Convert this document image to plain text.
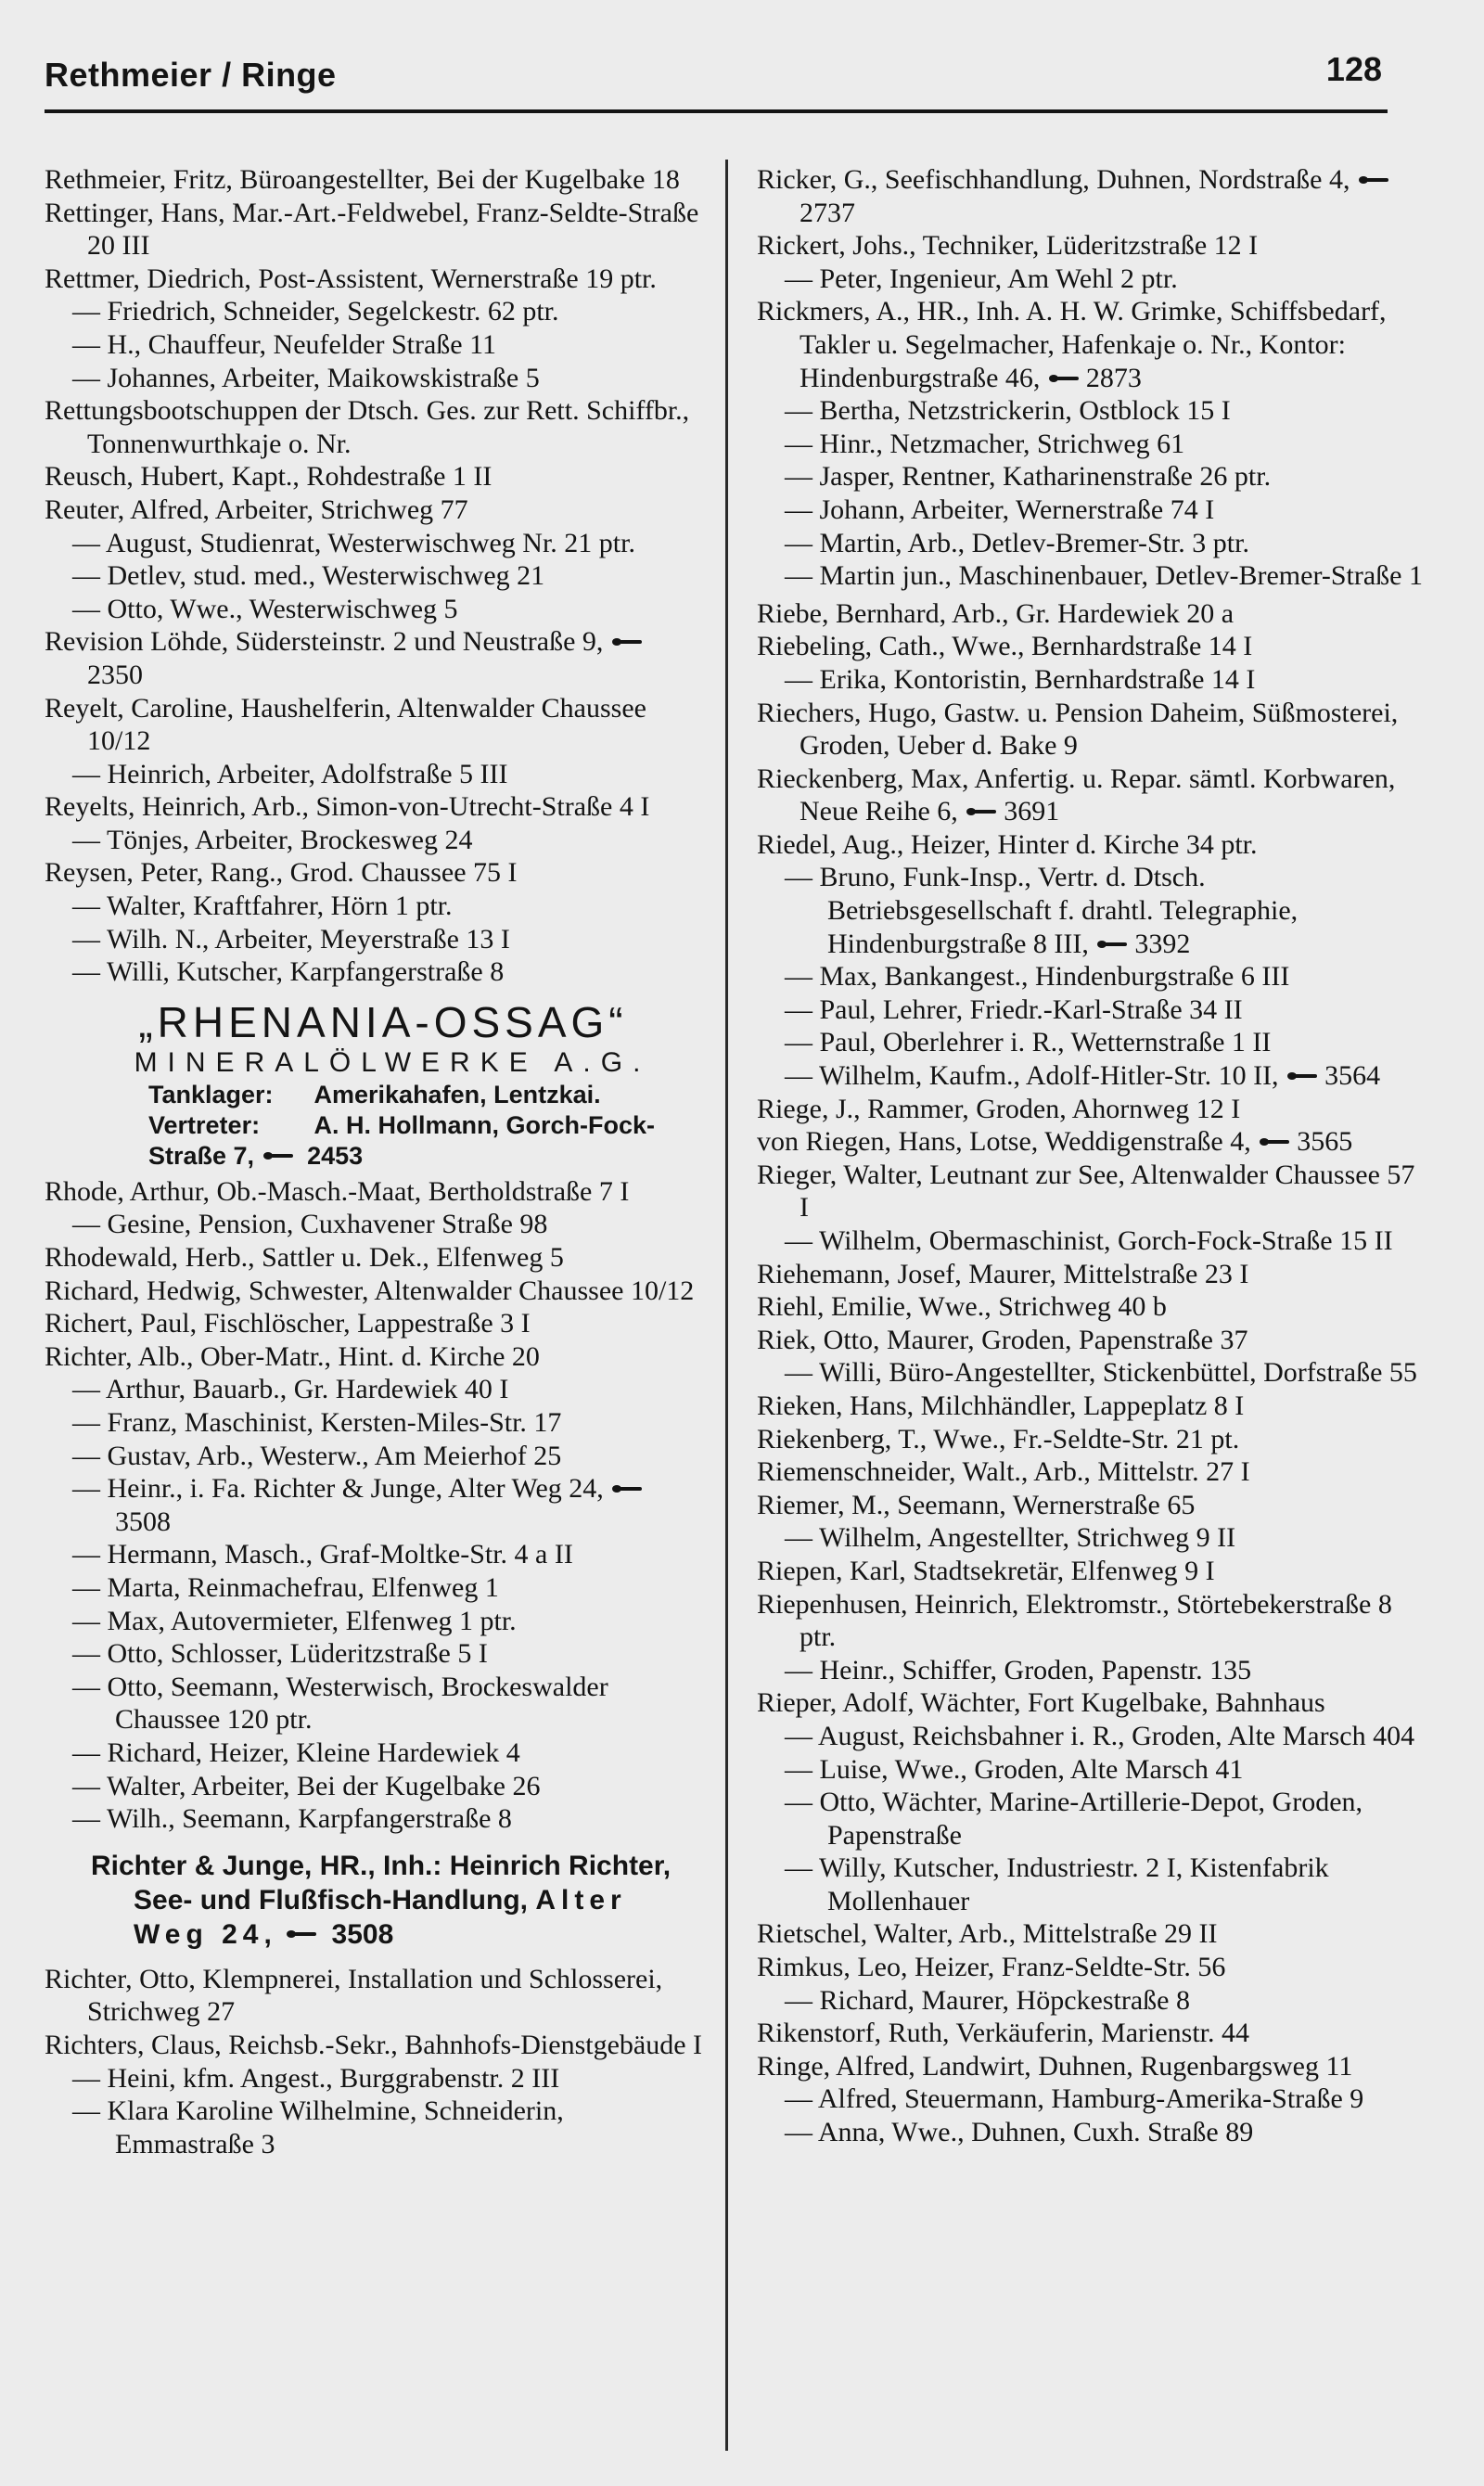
Rethmeier / Ringe	128

Rethmeier, Fritz, Büroangestellter, Bei der Kugelbake 18

Rettinger, Hans, Mar.-Art.-Feldwebel, Franz-Seldte-Straße 20 III

Rettmer, Diedrich, Post-Assistent, Wernerstraße 19 ptr.

— Friedrich, Schneider, Segelckestr. 62 ptr.

— H., Chauffeur, Neufelder Straße 11

— Johannes, Arbeiter, Maikowskistraße 5

Rettungsbootschuppen der Dtsch. Ges. zur Rett. Schiffbr., Tonnenwurthkaje o. Nr.

Reusch, Hubert, Kapt., Rohdestraße 1 II

Reuter, Alfred, Arbeiter, Strichweg 77

— August, Studienrat, Westerwischweg Nr. 21 ptr.

— Detlev, stud. med., Westerwischweg 21

— Otto, Wwe., Westerwischweg 5

Revision Löhde, Südersteinstr. 2 und Neustraße 9, 2350

Reyelt, Caroline, Haushelferin, Altenwalder Chaussee 10/12

— Heinrich, Arbeiter, Adolfstraße 5 III

Reyelts, Heinrich, Arb., Simon-von-Utrecht-Straße 4 I

— Tönjes, Arbeiter, Brockesweg 24

Reysen, Peter, Rang., Grod. Chaussee 75 I

— Walter, Kraftfahrer, Hörn 1 ptr.

— Wilh. N., Arbeiter, Meyerstraße 13 I

— Willi, Kutscher, Karpfangerstraße 8

„RHENANIA-OSSAG“
MINERALÖLWERKE A.G.
Tanklager: Amerikahafen, Lentzkai.
Vertreter: A. H. Hollmann, Gorch-Fock-Straße 7, 2453

Rhode, Arthur, Ob.-Masch.-Maat, Bertholdstraße 7 I

— Gesine, Pension, Cuxhavener Straße 98

Rhodewald, Herb., Sattler u. Dek., Elfenweg 5

Richard, Hedwig, Schwester, Altenwalder Chaussee 10/12

Richert, Paul, Fischlöscher, Lappestraße 3 I

Richter, Alb., Ober-Matr., Hint. d. Kirche 20

— Arthur, Bauarb., Gr. Hardewiek 40 I

— Franz, Maschinist, Kersten-Miles-Str. 17

— Gustav, Arb., Westerw., Am Meierhof 25

— Heinr., i. Fa. Richter & Junge, Alter Weg 24, 3508

— Hermann, Masch., Graf-Moltke-Str. 4 a II

— Marta, Reinmachefrau, Elfenweg 1

— Max, Autovermieter, Elfenweg 1 ptr.

— Otto, Schlosser, Lüderitzstraße 5 I

— Otto, Seemann, Westerwisch, Brockeswalder Chaussee 120 ptr.

— Richard, Heizer, Kleine Hardewiek 4

— Walter, Arbeiter, Bei der Kugelbake 26

— Wilh., Seemann, Karpfangerstraße 8

Richter & Junge, HR., Inh.: Heinrich Richter, See- und Flußfisch-Handlung, Alter Weg 24, 3508

Richter, Otto, Klempnerei, Installation und Schlosserei, Strichweg 27

Richters, Claus, Reichsb.-Sekr., Bahnhofs-Dienstgebäude I

— Heini, kfm. Angest., Burggrabenstr. 2 III

— Klara Karoline Wilhelmine, Schneiderin, Emmastraße 3

Ricker, G., Seefischhandlung, Duhnen, Nordstraße 4, 2737

Rickert, Johs., Techniker, Lüderitzstraße 12 I

— Peter, Ingenieur, Am Wehl 2 ptr.

Rickmers, A., HR., Inh. A. H. W. Grimke, Schiffsbedarf, Takler u. Segelmacher, Hafenkaje o. Nr., Kontor: Hindenburgstraße 46, 2873

— Bertha, Netzstrickerin, Ostblock 15 I

— Hinr., Netzmacher, Strichweg 61

— Jasper, Rentner, Katharinenstraße 26 ptr.

— Johann, Arbeiter, Wernerstraße 74 I

— Martin, Arb., Detlev-Bremer-Str. 3 ptr.

— Martin jun., Maschinenbauer, Detlev-Bremer-Straße 1

Riebe, Bernhard, Arb., Gr. Hardewiek 20 a

Riebeling, Cath., Wwe., Bernhardstraße 14 I

— Erika, Kontoristin, Bernhardstraße 14 I

Riechers, Hugo, Gastw. u. Pension Daheim, Süßmosterei, Groden, Ueber d. Bake 9

Rieckenberg, Max, Anfertig. u. Repar. sämtl. Korbwaren, Neue Reihe 6, 3691

Riedel, Aug., Heizer, Hinter d. Kirche 34 ptr.

— Bruno, Funk-Insp., Vertr. d. Dtsch. Betriebsgesellschaft f. drahtl. Telegraphie, Hindenburgstraße 8 III, 3392

— Max, Bankangest., Hindenburgstraße 6 III

— Paul, Lehrer, Friedr.-Karl-Straße 34 II

— Paul, Oberlehrer i. R., Wetternstraße 1 II

— Wilhelm, Kaufm., Adolf-Hitler-Str. 10 II, 3564

Riege, J., Rammer, Groden, Ahornweg 12 I

von Riegen, Hans, Lotse, Weddigenstraße 4, 3565

Rieger, Walter, Leutnant zur See, Altenwalder Chaussee 57 I

— Wilhelm, Obermaschinist, Gorch-Fock-Straße 15 II

Riehemann, Josef, Maurer, Mittelstraße 23 I

Riehl, Emilie, Wwe., Strichweg 40 b

Riek, Otto, Maurer, Groden, Papenstraße 37

— Willi, Büro-Angestellter, Stickenbüttel, Dorfstraße 55

Rieken, Hans, Milchhändler, Lappeplatz 8 I

Riekenberg, T., Wwe., Fr.-Seldte-Str. 21 pt.

Riemenschneider, Walt., Arb., Mittelstr. 27 I

Riemer, M., Seemann, Wernerstraße 65

— Wilhelm, Angestellter, Strichweg 9 II

Riepen, Karl, Stadtsekretär, Elfenweg 9 I

Riepenhusen, Heinrich, Elektromstr., Störtebekerstraße 8 ptr.

— Heinr., Schiffer, Groden, Papenstr. 135

Rieper, Adolf, Wächter, Fort Kugelbake, Bahnhaus

— August, Reichsbahner i. R., Groden, Alte Marsch 404

— Luise, Wwe., Groden, Alte Marsch 41

— Otto, Wächter, Marine-Artillerie-Depot, Groden, Papenstraße

— Willy, Kutscher, Industriestr. 2 I, Kistenfabrik Mollenhauer

Rietschel, Walter, Arb., Mittelstraße 29 II

Rimkus, Leo, Heizer, Franz-Seldte-Str. 56

— Richard, Maurer, Höpckestraße 8

Rikenstorf, Ruth, Verkäuferin, Marienstr. 44

Ringe, Alfred, Landwirt, Duhnen, Rugenbargsweg 11

— Alfred, Steuermann, Hamburg-Amerika-Straße 9

— Anna, Wwe., Duhnen, Cuxh. Straße 89
